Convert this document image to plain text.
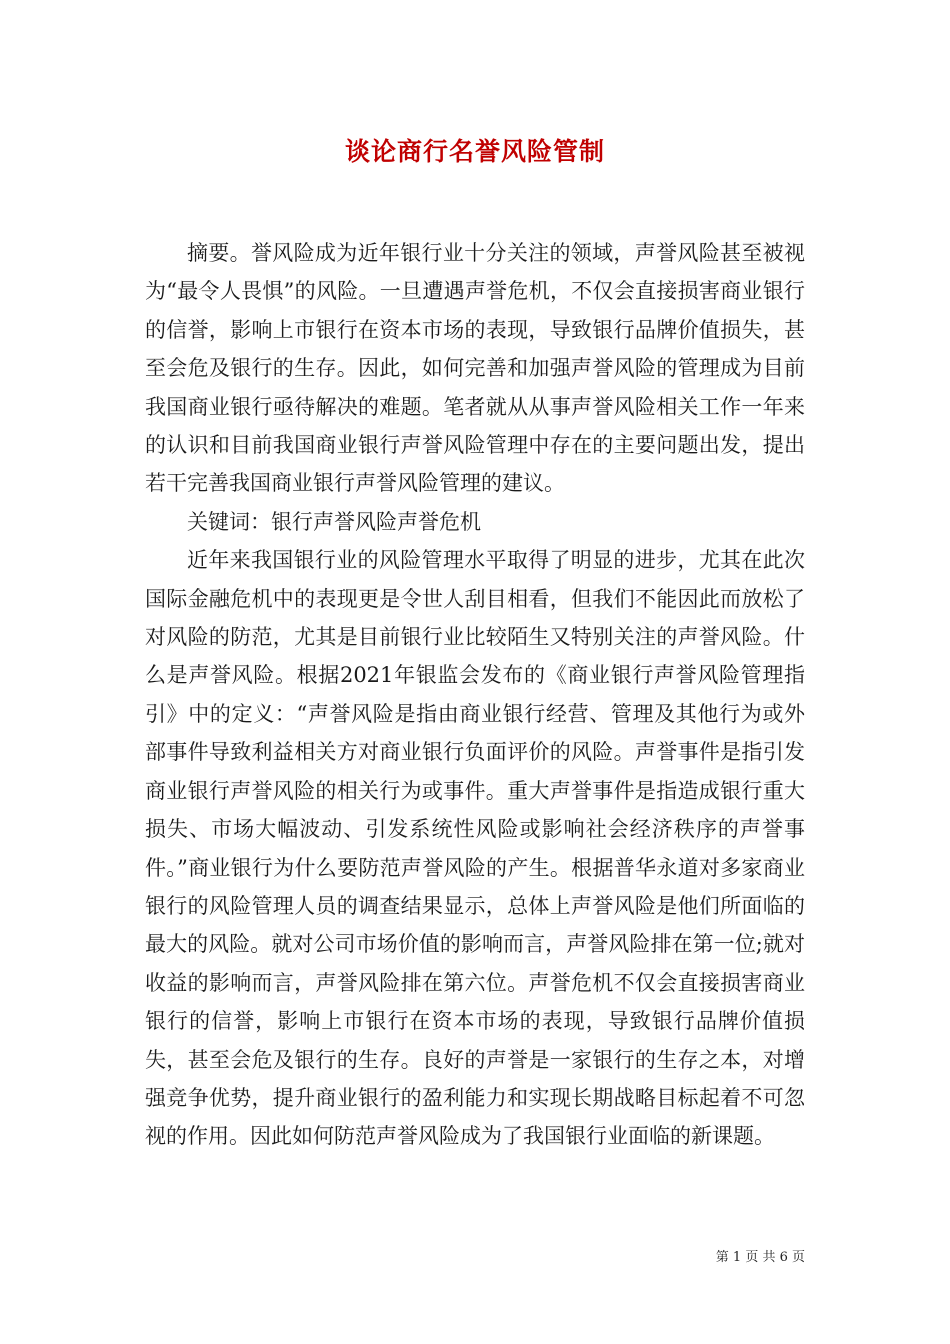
谈论商行名誉风险管制

摘要。誉风险成为近年银行业十分关注的领域，声誉风险甚至被视为“最令人畏惧”的风险。一旦遭遇声誉危机，不仅会直接损害商业银行的信誉，影响上市银行在资本市场的表现，导致银行品牌价值损失，甚至会危及银行的生存。因此，如何完善和加强声誉风险的管理成为目前我国商业银行亟待解决的难题。笔者就从从事声誉风险相关工作一年来的认识和目前我国商业银行声誉风险管理中存在的主要问题出发，提出若干完善我国商业银行声誉风险管理的建议。

关键词：银行声誉风险声誉危机

近年来我国银行业的风险管理水平取得了明显的进步，尤其在此次国际金融危机中的表现更是令世人刮目相看，但我们不能因此而放松了对风险的防范，尤其是目前银行业比较陌生又特别关注的声誉风险。什么是声誉风险。根据2021年银监会发布的《商业银行声誉风险管理指引》中的定义：“声誉风险是指由商业银行经营、管理及其他行为或外部事件导致利益相关方对商业银行负面评价的风险。声誉事件是指引发商业银行声誉风险的相关行为或事件。重大声誉事件是指造成银行重大损失、市场大幅波动、引发系统性风险或影响社会经济秩序的声誉事件。”商业银行为什么要防范声誉风险的产生。根据普华永道对多家商业银行的风险管理人员的调查结果显示，总体上声誉风险是他们所面临的最大的风险。就对公司市场价值的影响而言，声誉风险排在第一位;就对收益的影响而言，声誉风险排在第六位。声誉危机不仅会直接损害商业银行的信誉，影响上市银行在资本市场的表现，导致银行品牌价值损失，甚至会危及银行的生存。良好的声誉是一家银行的生存之本，对增强竞争优势，提升商业银行的盈利能力和实现长期战略目标起着不可忽视的作用。因此如何防范声誉风险成为了我国银行业面临的新课题。

第 1 页 共 6 页
